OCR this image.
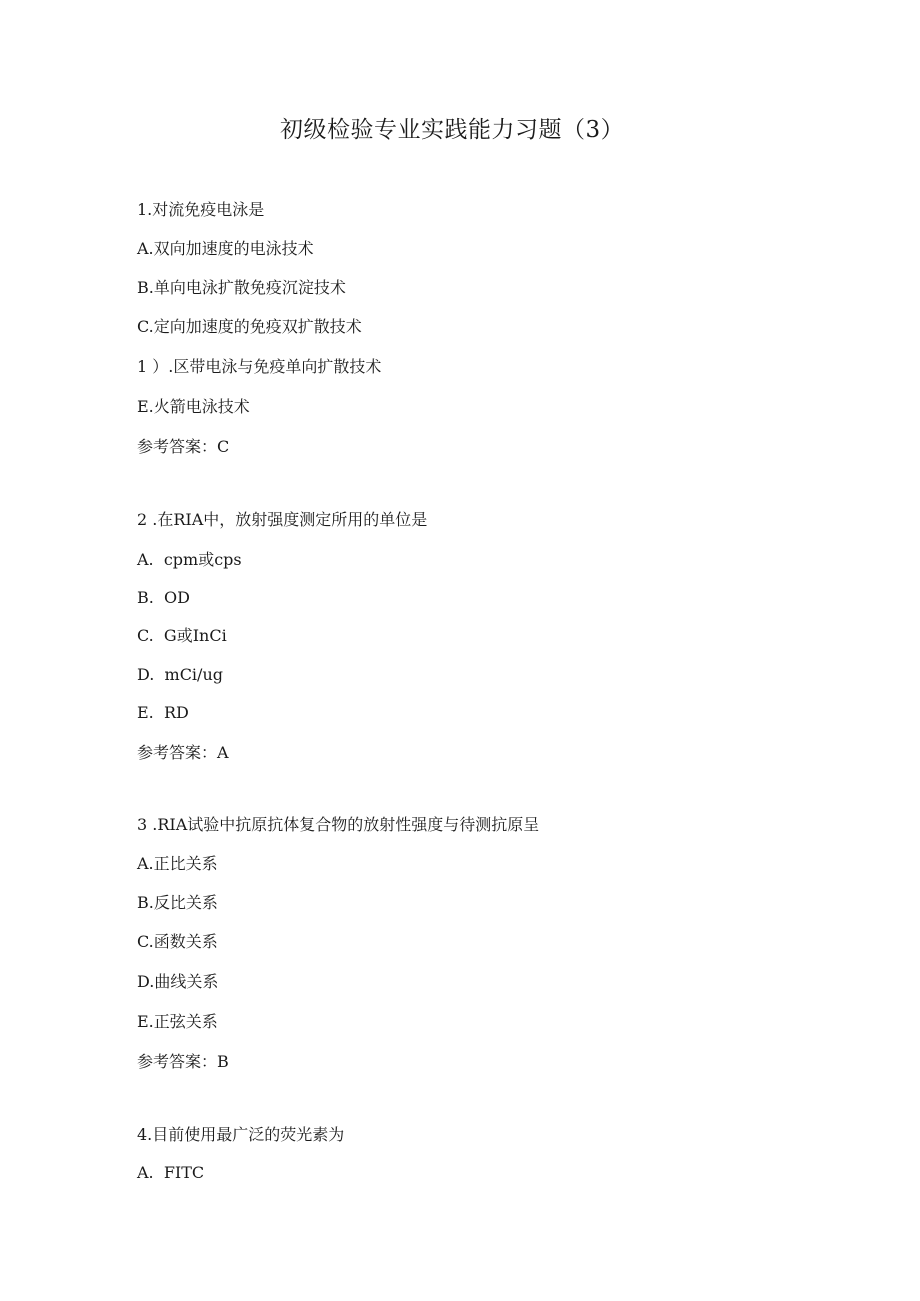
初级检验专业实践能力习题（3）
1.对流免疫电泳是
A.双向加速度的电泳技术
B.单向电泳扩散免疫沉淀技术
C.定向加速度的免疫双扩散技术
1 ）.区带电泳与免疫单向扩散技术
E.火箭电泳技术
参考答案：C
2 .在RIA中，放射强度测定所用的单位是
A.  cpm或cps
B.  OD
C.  G或InCi
D.  mCi/ug
E.  RD
参考答案：A
3 .RIA试验中抗原抗体复合物的放射性强度与待测抗原呈
A.正比关系
B.反比关系
C.函数关系
D.曲线关系
E.正弦关系
参考答案：B
4.目前使用最广泛的荧光素为
A.  FITC
